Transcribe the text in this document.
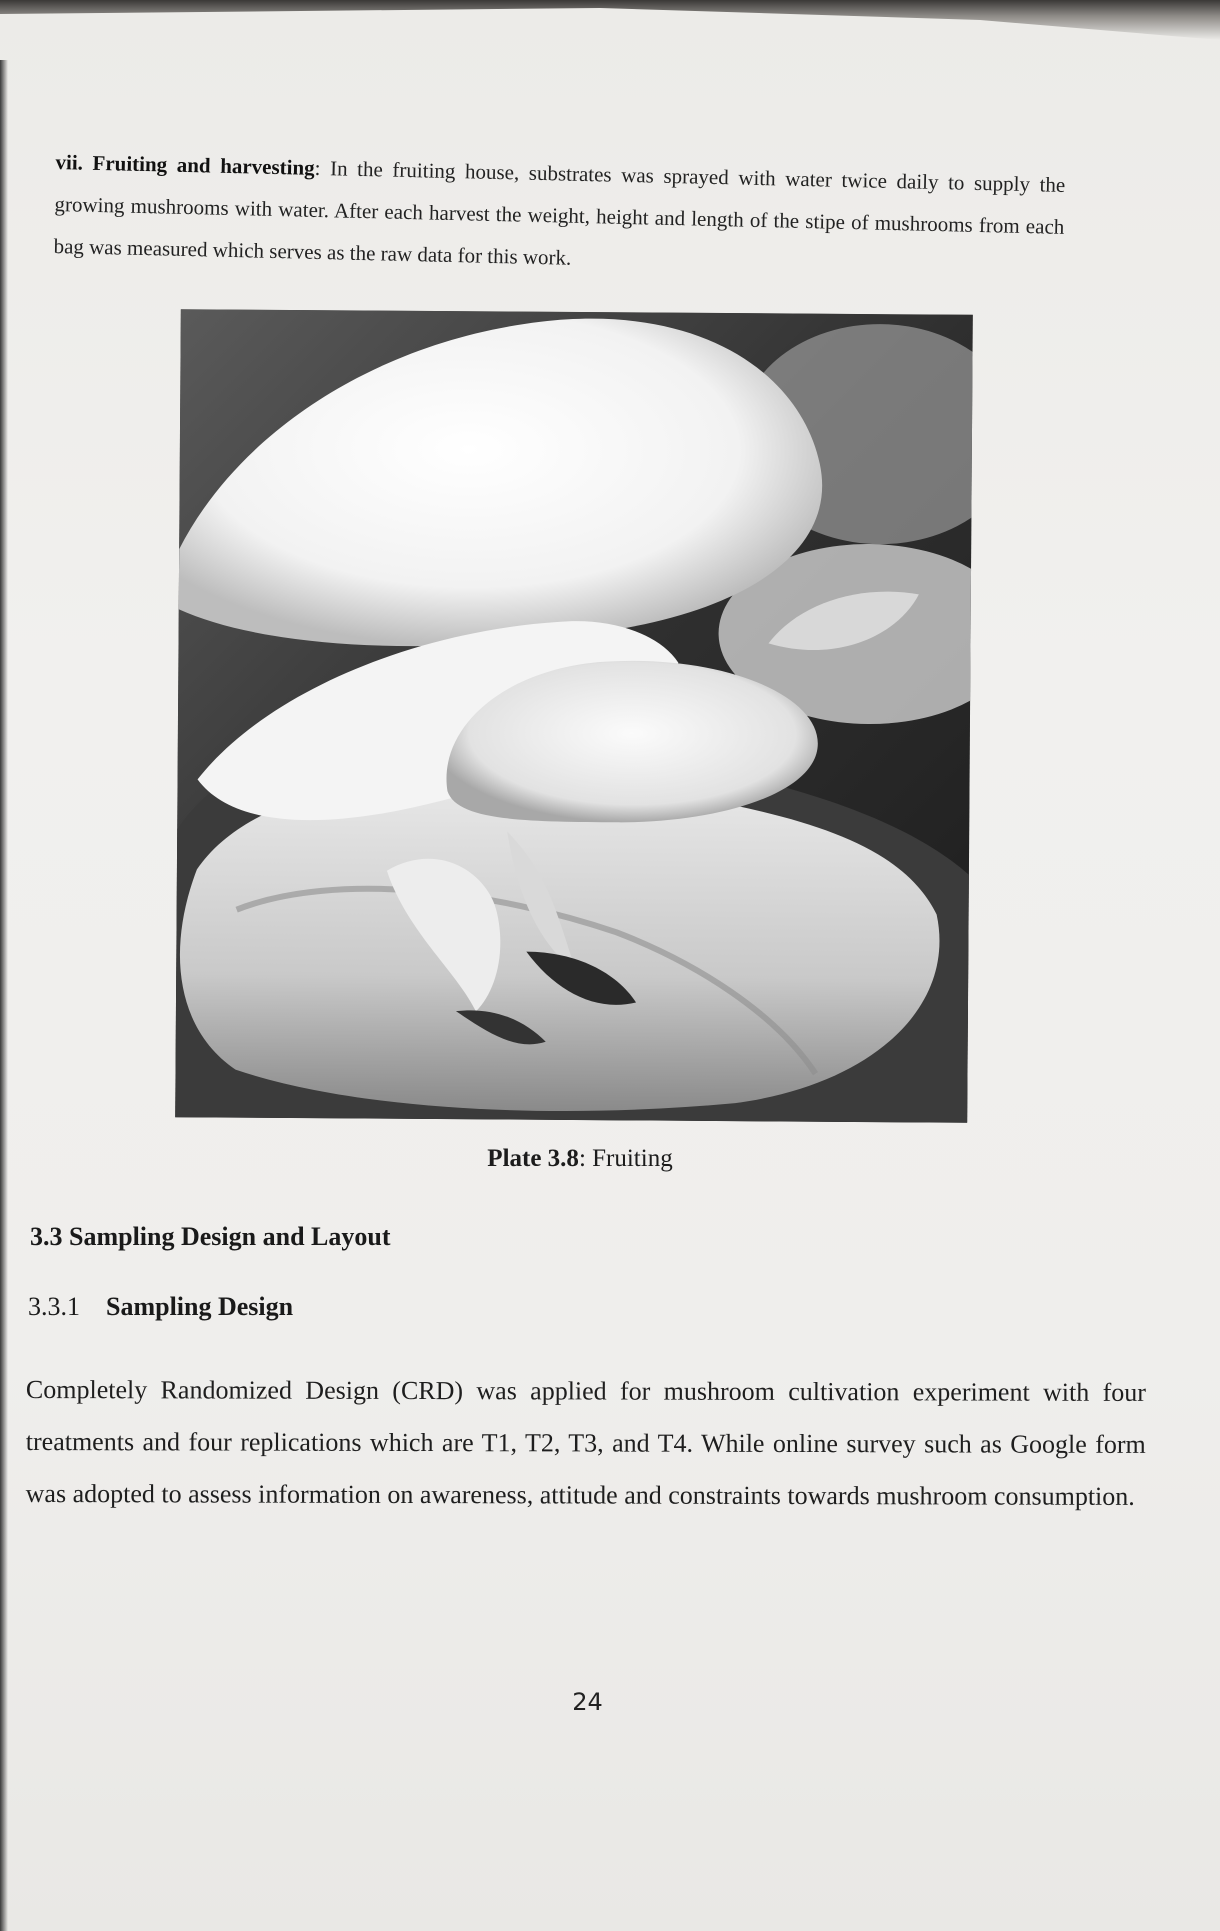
vii. Fruiting and harvesting: In the fruiting house, substrates was sprayed with water twice daily to supply the growing mushrooms with water. After each harvest the weight, height and length of the stipe of mushrooms from each bag was measured which serves as the raw data for this work.

Plate 3.8: Fruiting
3.3 Sampling Design and Layout
3.3.1 Sampling Design

Completely Randomized Design (CRD) was applied for mushroom cultivation experiment with four treatments and four replications which are T1, T2, T3, and T4. While online survey such as Google form was adopted to assess information on awareness, attitude and constraints towards mushroom consumption.

24
